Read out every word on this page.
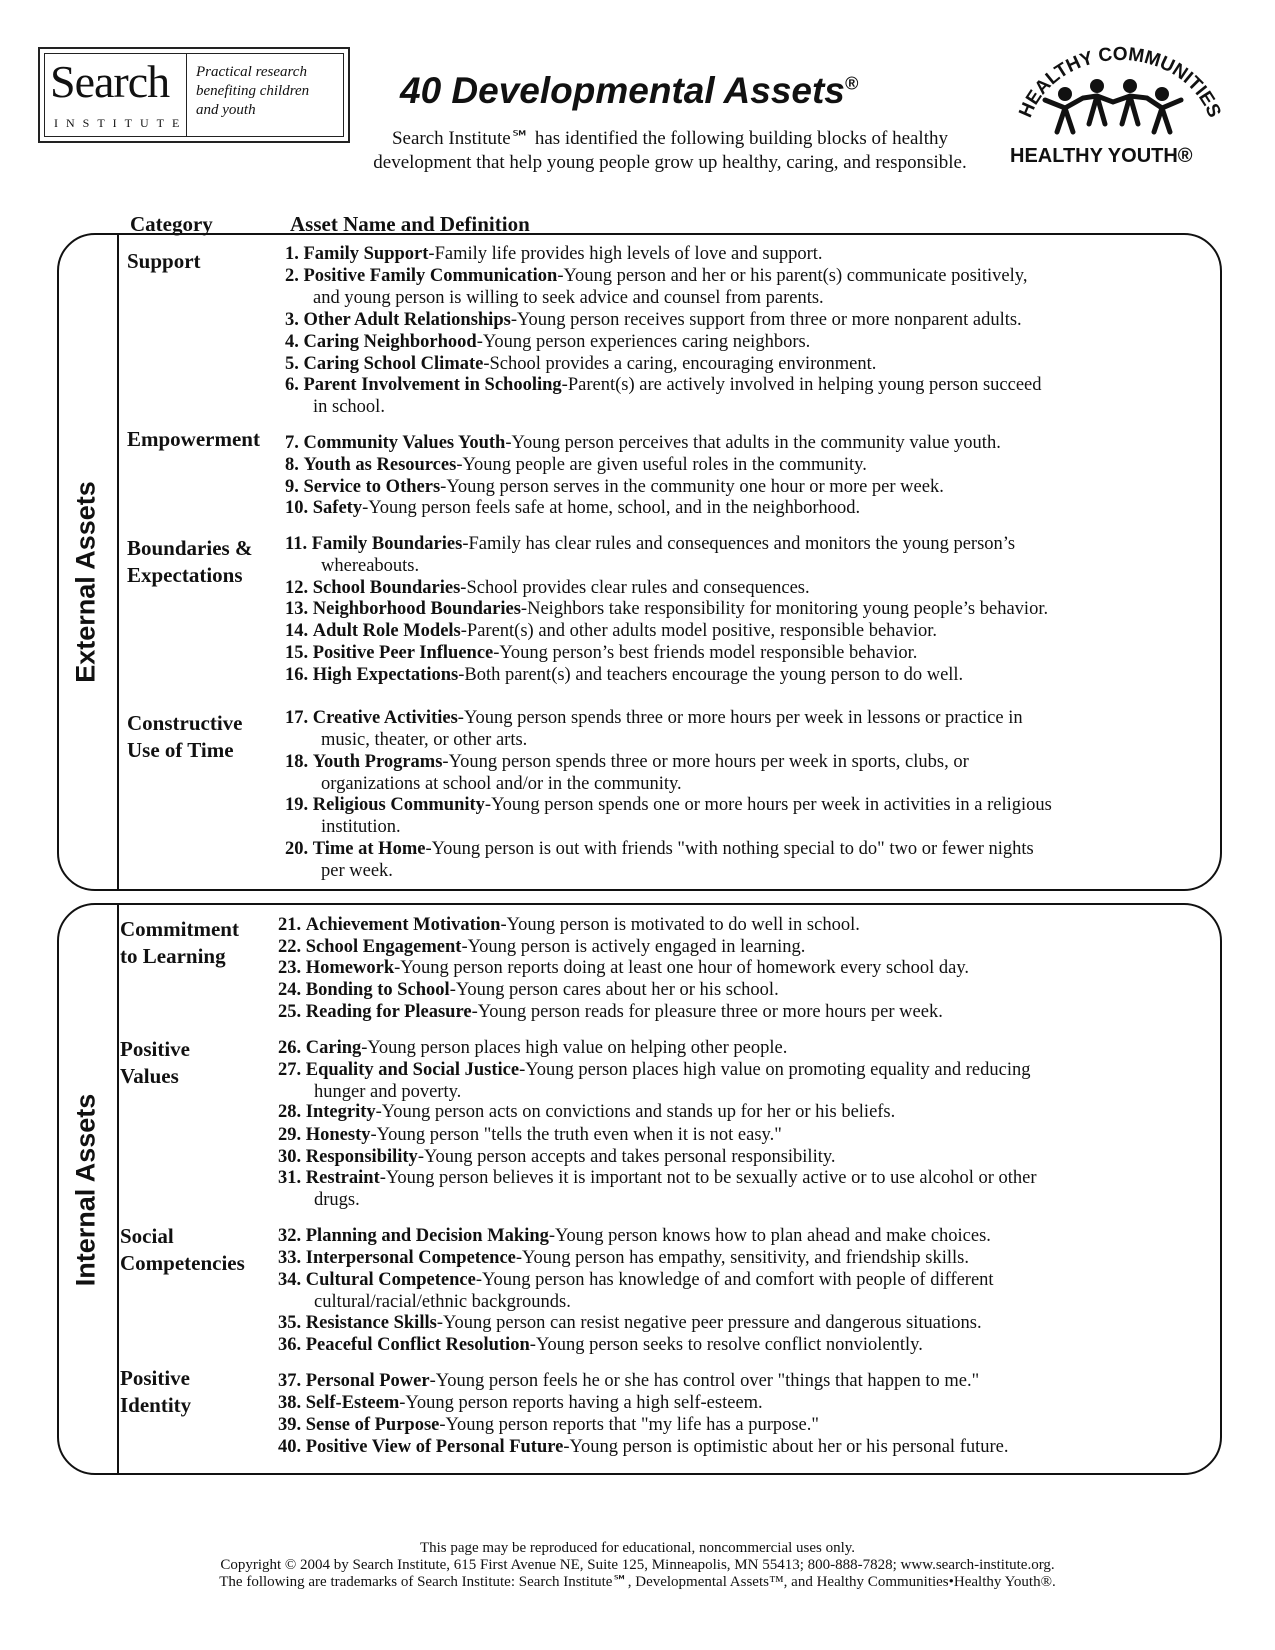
Search
INSTITUTE
Practical research
benefiting children
and youth	40 Developmental Assets®
Search Institute℠ has identified the following building blocks of healthy
development that help young people grow up healthy, caring, and responsible.
HEALTHY COMMUNITIES
HEALTHY YOUTH®
Category	Asset Name and Definition
External Assets
Support
Empowerment
Boundaries &
Expectations
Constructive
Use of Time
Internal Assets
Commitment
to Learning
Positive
Values
Social
Competencies
Positive
Identity
1. Family Support-Family life provides high levels of love and support.
2. Positive Family Communication-Young person and her or his parent(s) communicate positively,
and young person is willing to seek advice and counsel from parents.
3. Other Adult Relationships-Young person receives support from three or more nonparent adults.
4. Caring Neighborhood-Young person experiences caring neighbors.
5. Caring School Climate-School provides a caring, encouraging environment.
6. Parent Involvement in Schooling-Parent(s) are actively involved in helping young person succeed
in school.
7. Community Values Youth-Young person perceives that adults in the community value youth.
8. Youth as Resources-Young people are given useful roles in the community.
9. Service to Others-Young person serves in the community one hour or more per week.
10. Safety-Young person feels safe at home, school, and in the neighborhood.
11. Family Boundaries-Family has clear rules and consequences and monitors the young person’s
whereabouts.
12. School Boundaries-School provides clear rules and consequences.
13. Neighborhood Boundaries-Neighbors take responsibility for monitoring young people’s behavior.
14. Adult Role Models-Parent(s) and other adults model positive, responsible behavior.
15. Positive Peer Influence-Young person’s best friends model responsible behavior.
16. High Expectations-Both parent(s) and teachers encourage the young person to do well.
17. Creative Activities-Young person spends three or more hours per week in lessons or practice in
music, theater, or other arts.
18. Youth Programs-Young person spends three or more hours per week in sports, clubs, or
organizations at school and/or in the community.
19. Religious Community-Young person spends one or more hours per week in activities in a religious
institution.
20. Time at Home-Young person is out with friends "with nothing special to do" two or fewer nights
per week.
21. Achievement Motivation-Young person is motivated to do well in school.
22. School Engagement-Young person is actively engaged in learning.
23. Homework-Young person reports doing at least one hour of homework every school day.
24. Bonding to School-Young person cares about her or his school.
25. Reading for Pleasure-Young person reads for pleasure three or more hours per week.
26. Caring-Young person places high value on helping other people.
27. Equality and Social Justice-Young person places high value on promoting equality and reducing
hunger and poverty.
28. Integrity-Young person acts on convictions and stands up for her or his beliefs.
29. Honesty-Young person "tells the truth even when it is not easy."
30. Responsibility-Young person accepts and takes personal responsibility.
31. Restraint-Young person believes it is important not to be sexually active or to use alcohol or other
drugs.
32. Planning and Decision Making-Young person knows how to plan ahead and make choices.
33. Interpersonal Competence-Young person has empathy, sensitivity, and friendship skills.
34. Cultural Competence-Young person has knowledge of and comfort with people of different
cultural/racial/ethnic backgrounds.
35. Resistance Skills-Young person can resist negative peer pressure and dangerous situations.
36. Peaceful Conflict Resolution-Young person seeks to resolve conflict nonviolently.
37. Personal Power-Young person feels he or she has control over "things that happen to me."
38. Self-Esteem-Young person reports having a high self-esteem.
39. Sense of Purpose-Young person reports that "my life has a purpose."
40. Positive View of Personal Future-Young person is optimistic about her or his personal future.
This page may be reproduced for educational, noncommercial uses only.
Copyright © 2004 by Search Institute, 615 First Avenue NE, Suite 125, Minneapolis, MN 55413; 800-888-7828; www.search-institute.org.
The following are trademarks of Search Institute: Search Institute℠, Developmental Assets™, and Healthy Communities•Healthy Youth®.
